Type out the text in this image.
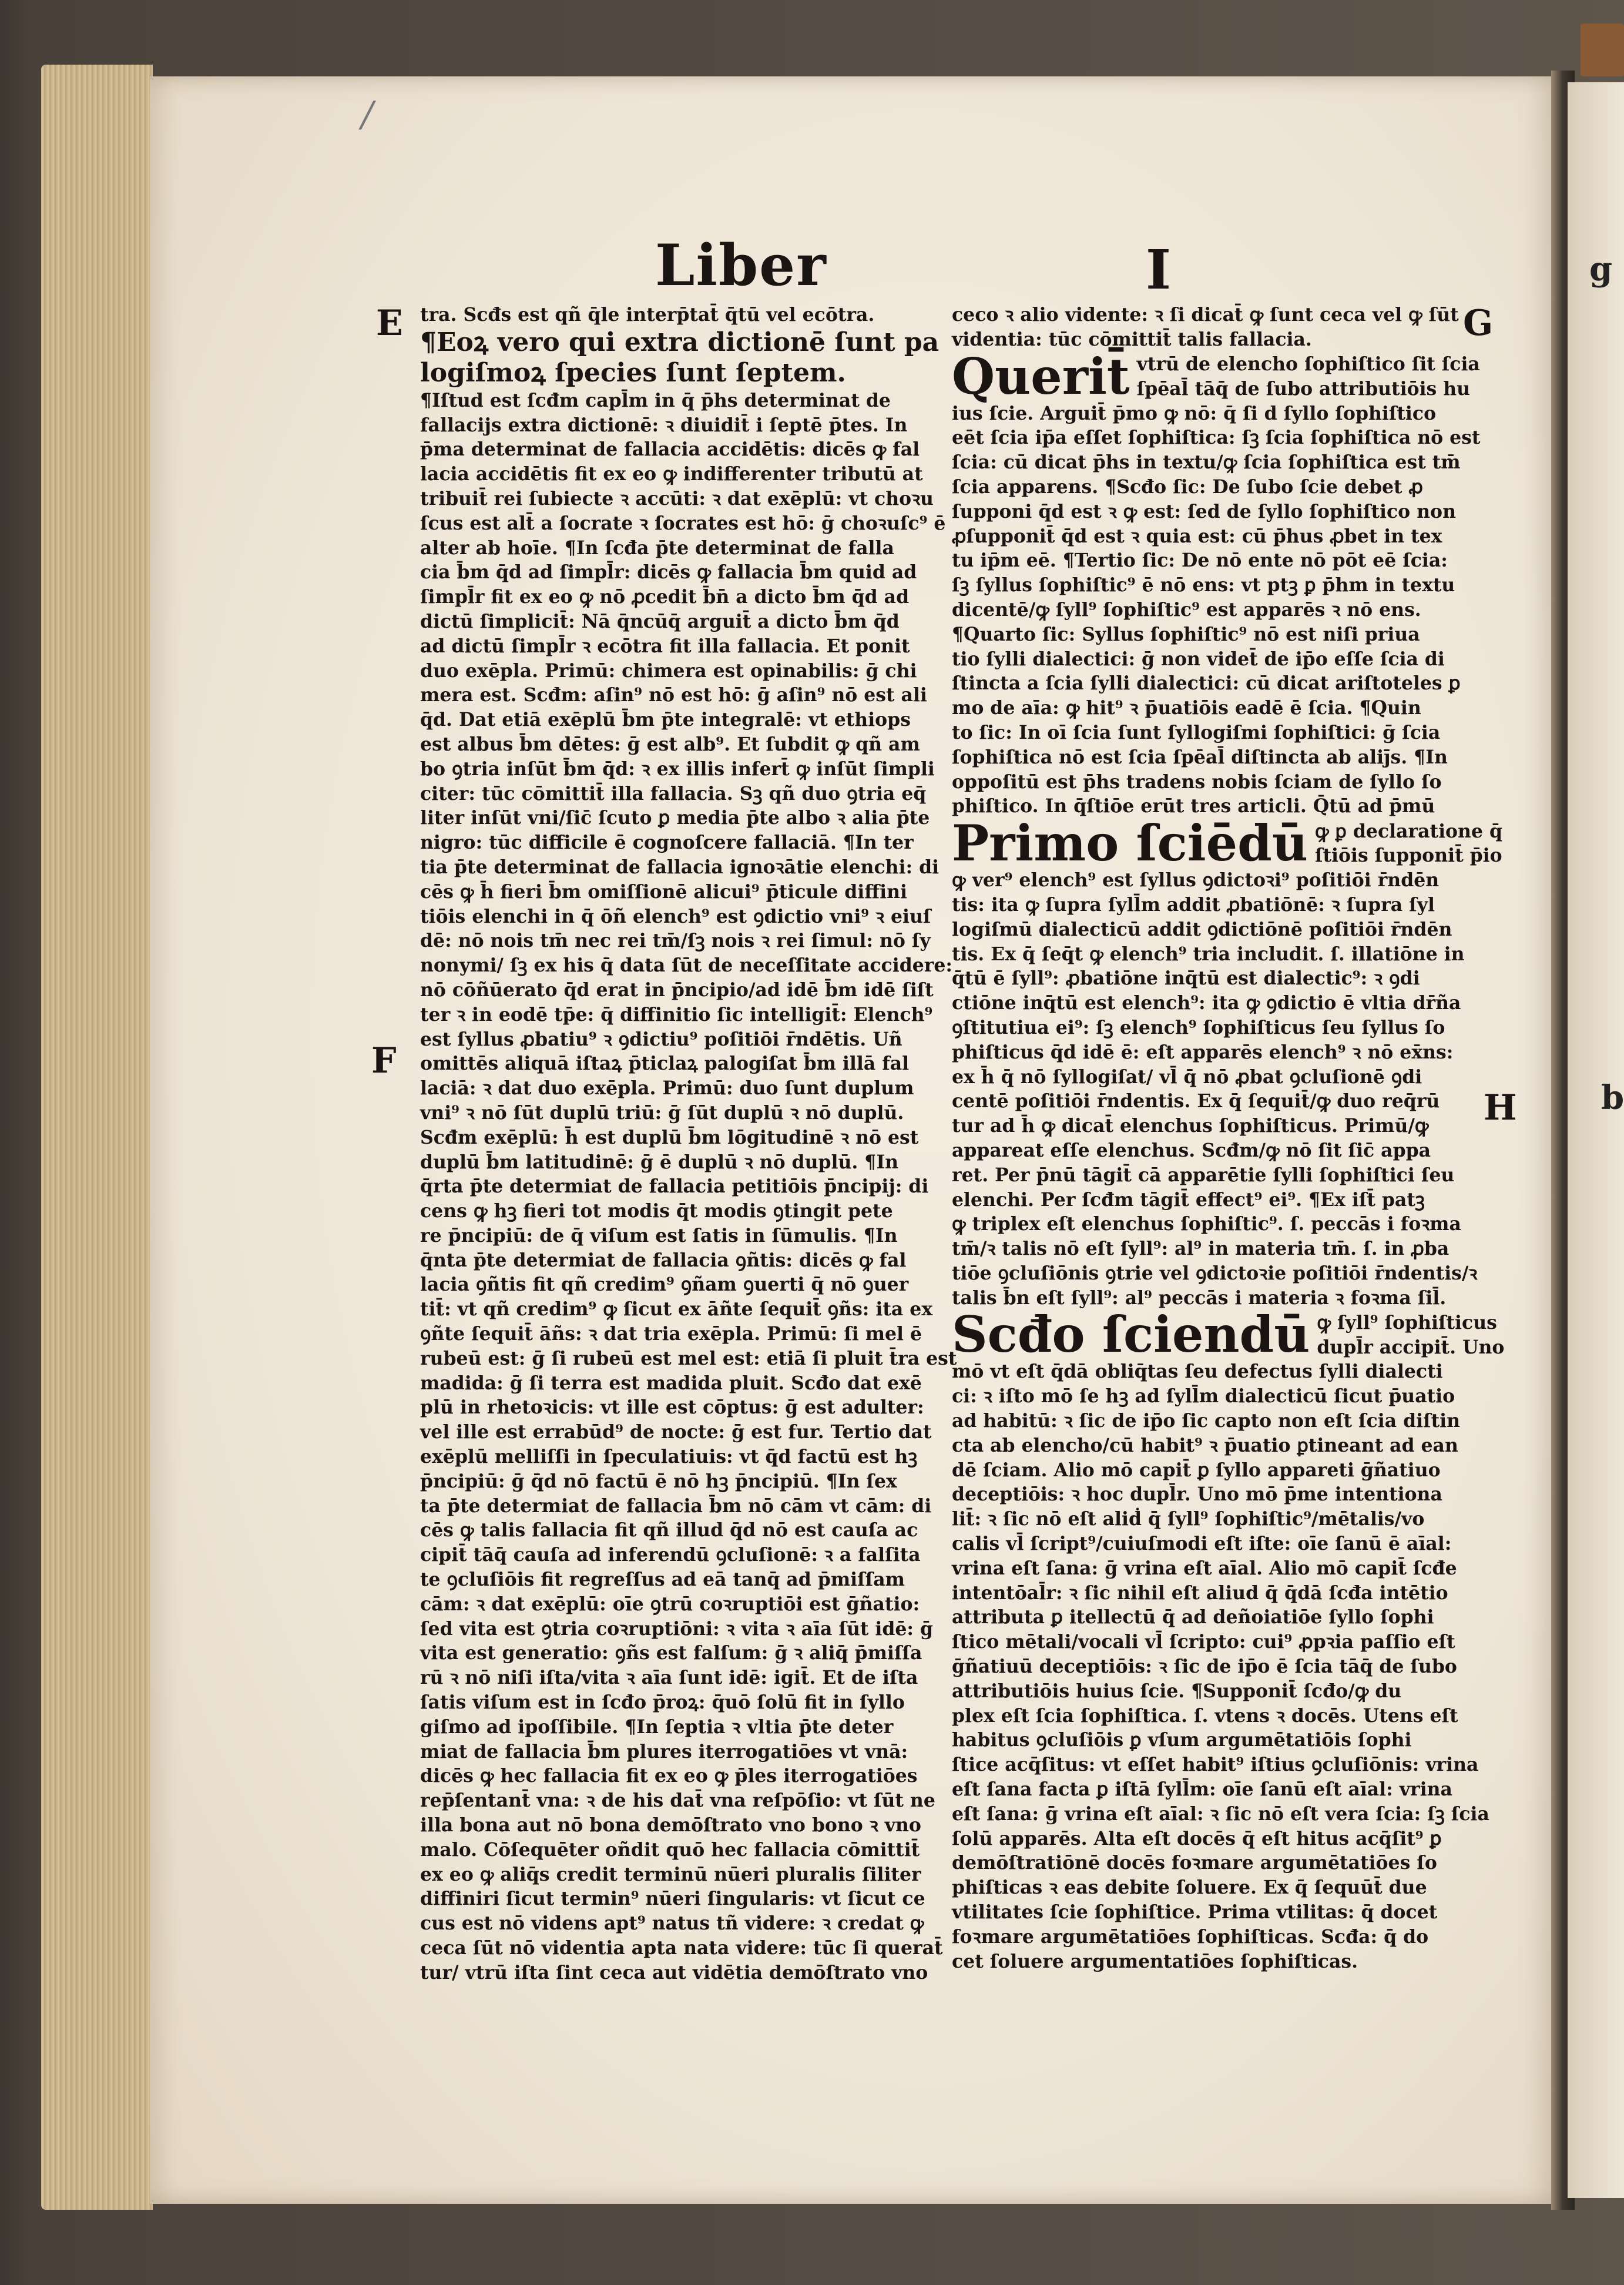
/
Liber	I
E
F
G
H
g
b
tra. Scđs est qñ q̄le interp̄tat̄ q̄tū vel ecōtra.
¶Eoꝝ vero qui extra dictionē ſunt pa
logiſmoꝝ ſpecies ſunt ſeptem.
¶Iſtud est ſcđm capl̄m in q̄ p̄hs determinat de
fallacijs extra dictionē: ꝛ diuidit̄ i ſeptē p̄tes. In
p̄ma determinat de fallacia accidētis: dicēs ꝙ fal
lacia accidētis fit ex eo ꝙ indifferenter tributū at
tribuit̄ rei ſubiecte ꝛ accūti: ꝛ dat exēplū: vt choꝛu
ſcus est alt̄ a ſocrate ꝛ ſocrates est hō: ḡ choꝛuſc⁹ ē
alter ab hoīe. ¶In ſcđa p̄te determinat de falla
cia b̄m q̄d ad ſimpl̄r: dicēs ꝙ fallacia b̄m quid ad
ſimpl̄r fit ex eo ꝙ nō ꝓcedit b̄n̄ a dicto b̄m q̄d ad
dictū ſimplicit̄: Nā q̄ncūq̄ arguit̄ a dicto b̄m q̄d
ad dictū ſimpl̄r ꝛ ecōtra fit illa fallacia. Et ponit
duo exēpla. Primū: chimera est opinabilis: ḡ chi
mera est. Scđm: aſin⁹ nō est hō: ḡ aſin⁹ nō est ali
q̄d. Dat etiā exēplū b̄m p̄te integralē: vt ethiops
est albus b̄m dētes: ḡ est alb⁹. Et ſubdit ꝙ qñ am
bo ꝯtria inſūt b̄m q̄d: ꝛ ex illis infert̄ ꝙ inſūt ſimpli
citer: tūc cōmittit̄ illa fallacia. Sꝫ qñ duo ꝯtria eq̄
liter inſūt vni/ſic̄ ſcuto ꝑ media p̄te albo ꝛ alia p̄te
nigro: tūc difficile ē cognoſcere fallaciā. ¶In ter
tia p̄te determinat de fallacia ignoꝛātie elenchi: di
cēs ꝙ h̄ fieri b̄m omiſſionē alicui⁹ p̄ticule diffini
tiōis elenchi in q̄ ōñ elench⁹ est ꝯdictio vni⁹ ꝛ eiuſ
dē: nō nois tm̄ nec rei tm̄/ſꝫ nois ꝛ rei ſimul: nō ſy
nonymi/ ſꝫ ex his q̄ data ſūt de neceſſitate accidere:
nō cōñūerato q̄d erat in p̄ncipio/ad idē b̄m idē ſiſt
ter ꝛ in eodē tp̄e: q̄ diffinitio ſic intelligit̄: Elench⁹
est ſyllus ꝓbatiu⁹ ꝛ ꝯdictiu⁹ poſitiōi r̄ndētis. Uñ
omittēs aliquā iſtaꝝ p̄ticlaꝝ palogiſat b̄m illā fal
laciā: ꝛ dat duo exēpla. Primū: duo ſunt duplum
vni⁹ ꝛ nō ſūt duplū triū: ḡ ſūt duplū ꝛ nō duplū.
Scđm exēplū: h̄ est duplū b̄m lōgitudinē ꝛ nō est
duplū b̄m latitudinē: ḡ ē duplū ꝛ nō duplū. ¶In
q̄rta p̄te determiat de fallacia petitiōis p̄ncipij: di
cens ꝙ hꝫ fieri tot modis q̄t modis ꝯtingit pete
re p̄ncipiū: de q̄ viſum est ſatis in ſūmulis. ¶In
q̄nta p̄te determiat de fallacia ꝯñtis: dicēs ꝙ fal
lacia ꝯñtis fit qñ credim⁹ ꝯñam ꝯuerti q̄ nō ꝯuer
tit̄: vt qñ credim⁹ ꝙ ſicut ex āñte ſequit̄ ꝯñs: ita ex
ꝯñte ſequit̄ āñs: ꝛ dat tria exēpla. Primū: ſi mel ē
rubeū est: ḡ ſi rubeū est mel est: etiā ſi pluit t̄ra est
madida: ḡ ſi terra est madida pluit. Scđo dat exē
plū in rhetoꝛicis: vt ille est cōptus: ḡ est adulter:
vel ille est errabūd⁹ de nocte: ḡ est fur. Tertio dat
exēplū melliſſi in ſpeculatiuis: vt q̄d factū est hꝫ
p̄ncipiū: ḡ q̄d nō factū ē nō hꝫ p̄ncipiū. ¶In ſex
ta p̄te determiat de fallacia b̄m nō cām vt cām: di
cēs ꝙ talis fallacia fit qñ illud q̄d nō est cauſa ac
cipit̄ tāq̄ cauſa ad inferendū ꝯcluſionē: ꝛ a falſita
te ꝯcluſiōis fit regreſſus ad eā tanq̄ ad p̄miſſam
cām: ꝛ dat exēplū: oīe ꝯtrū coꝛruptiōi est ḡñatio:
ſed vita est ꝯtria coꝛruptiōni: ꝛ vita ꝛ aīa ſūt idē: ḡ
vita est generatio: ꝯñs est falſum: ḡ ꝛ aliq̄ p̄miſſa
rū ꝛ nō niſi iſta/vita ꝛ aīa ſunt idē: igit̄. Et de iſta
ſatis viſum est in ſcđo p̄roꝝ: q̄uō ſolū fit in ſyllo
giſmo ad ipoſſibile. ¶In ſeptia ꝛ vltia p̄te deter
miat de fallacia b̄m plures iterrogatiōes vt vnā:
dicēs ꝙ hec fallacia fit ex eo ꝙ p̄les iterrogatiōes
rep̄ſentant̄ vna: ꝛ de his dat̄ vna reſpōſio: vt ſūt ne
illa bona aut nō bona demōſtrato vno bono ꝛ vno
malo. Cōſequēter oñdit quō hec fallacia cōmittit̄
ex eo ꝙ aliq̄s credit terminū nūeri pluralis ſiliter
diffiniri ſicut termin⁹ nūeri ſingularis: vt ſicut ce
cus est nō videns apt⁹ natus tñ videre: ꝛ credat ꝙ
ceca ſūt nō videntia apta nata videre: tūc ſi querat̄
tur/ vtrū iſta ſint ceca aut vidētia demōſtrato vno
ceco ꝛ alio vidente: ꝛ ſi dicat̄ ꝙ ſunt ceca vel ꝙ ſūt
videntia: tūc cōmittit̄ talis fallacia.
Querit̄ vtrū de elencho ſophiſtico ſit ſcia
ſpēal̄ tāq̄ de ſubo attributiōis hu
ius ſcie. Arguit̄ p̄mo ꝙ nō: q̄ ſi d ſyllo ſophiſtico
eēt ſcia ip̄a eſſet ſophiſtica: ſꝫ ſcia ſophiſtica nō est
ſcia: cū dicat p̄hs in textu/ꝙ ſcia ſophiſtica est tm̄
ſcia apparens. ¶Scđo ſic: De ſubo ſcie debet ꝓ
ſupponi q̄d est ꝛ ꝙ est: ſed de ſyllo ſophiſtico non
ꝓſupponit̄ q̄d est ꝛ quia est: cū p̄hus ꝓbet in tex
tu ip̄m eē. ¶Tertio ſic: De nō ente nō pōt eē ſcia:
ſꝫ ſyllus ſophiſtic⁹ ē nō ens: vt ptꝫ ꝑ p̄hm in textu
dicentē/ꝙ ſyll⁹ ſophiſtic⁹ est apparēs ꝛ nō ens.
¶Quarto ſic: Syllus ſophiſtic⁹ nō est niſi priua
tio ſylli dialectici: ḡ non videt̄ de ip̄o eſſe ſcia di
ſtincta a ſcia ſylli dialectici: cū dicat ariſtoteles ꝑ
mo de aīa: ꝙ hit⁹ ꝛ p̄uatiōis eadē ē ſcia. ¶Quin
to ſic: In oī ſcia ſunt ſyllogiſmi ſophiſtici: ḡ ſcia
ſophiſtica nō est ſcia ſpēal̄ diſtincta ab aliȷ̄s. ¶In
oppoſitū est p̄hs tradens nobis ſciam de ſyllo ſo
phiſtico. In q̄ſtiōe erūt tres articli. Q̄tū ad p̄mū
Primo ſciēdū ꝙ ꝑ declaratione q̄
ſtiōis ſupponit̄ p̄io
ꝙ ver⁹ elench⁹ est ſyllus ꝯdictoꝛi⁹ poſitiōi r̄ndēn
tis: ita ꝙ ſupra ſyll̄m addit ꝓbatiōnē: ꝛ ſupra ſyl
logiſmū dialecticū addit ꝯdictiōnē poſitiōi r̄ndēn
tis. Ex q̄ ſeq̄t ꝙ elench⁹ tria includit. ſ. illatiōne in
q̄tū ē ſyll⁹: ꝓbatiōne inq̄tū est dialectic⁹: ꝛ ꝯdi
ctiōne inq̄tū est elench⁹: ita ꝙ ꝯdictio ē vltia dr̄ña
ꝯſtitutiua ei⁹: ſꝫ elench⁹ ſophiſticus ſeu ſyllus ſo
phiſticus q̄d idē ē: eſt apparēs elench⁹ ꝛ nō ex̄ns:
ex h̄ q̄ nō ſyllogiſat/ vl̄ q̄ nō ꝓbat ꝯcluſionē ꝯdi
centē poſitiōi r̄ndentis. Ex q̄ ſequit̄/ꝙ duo req̄rū
tur ad h̄ ꝙ dicat̄ elenchus ſophiſticus. Primū/ꝙ
appareat eſſe elenchus. Scđm/ꝙ nō ſit ſic̄ appa
ret. Per p̄nū tāgit̄ cā apparētie ſylli ſophiſtici ſeu
elenchi. Per ſcđm tāgit̄ effect⁹ ei⁹. ¶Ex iſt̄ patꝫ
ꝙ triplex eſt elenchus ſophiſtic⁹. ſ. peccās i foꝛma
tm̄/ꝛ talis nō eſt ſyll⁹: al⁹ in materia tm̄. ſ. in ꝓba
tiōe ꝯcluſiōnis ꝯtrie vel ꝯdictoꝛie poſitiōi r̄ndentis/ꝛ
talis b̄n eſt ſyll⁹: al⁹ peccās i materia ꝛ foꝛma ſil̄.
Scđo ſciendū ꝙ ſyll⁹ ſophiſticus
dupl̄r accipit̄. Uno
mō vt eſt q̄dā obliq̄tas ſeu defectus ſylli dialecti
ci: ꝛ iſto mō ſe hꝫ ad ſyll̄m dialecticū ſicut p̄uatio
ad habitū: ꝛ ſic de ip̄o ſic capto non eſt ſcia diſtin
cta ab elencho/cū habit⁹ ꝛ p̄uatio ꝑtineant ad ean
dē ſciam. Alio mō capit̄ ꝑ ſyllo appareti ḡñatiuo
deceptiōis: ꝛ hoc dupl̄r. Uno mō p̄me intentiona
lit̄: ꝛ ſic nō eſt aliḋ q̄ ſyll⁹ ſophiſtic⁹/mētalis/vo
calis vl̄ ſcript⁹/cuiuſmodi eſt iſte: oīe ſanū ē aīal:
vrina eſt ſana: ḡ vrina eſt aīal. Alio mō capit̄ ſcđe
intentōal̄r: ꝛ ſic nihil eſt aliud q̄ q̄dā ſcđa intētio
attributa ꝑ itellectū q̄ ad deñoiatiōe ſyllo ſophi
ſtico mētali/vocali vl̄ ſcripto: cui⁹ ꝓpꝛia paſſio eſt
ḡñatiuū deceptiōis: ꝛ ſic de ip̄o ē ſcia tāq̄ de ſubo
attributiōis huius ſcie. ¶Supponit̄ ſcđo/ꝙ du
plex eſt ſcia ſophiſtica. ſ. vtens ꝛ docēs. Utens eſt
habitus ꝯcluſiōis ꝑ vſum argumētatiōis ſophi
ſtice acq̄ſitus: vt eſſet habit⁹ iſtius ꝯcluſiōnis: vrina
eſt ſana facta ꝑ iſtā ſyll̄m: oīe ſanū eſt aīal: vrina
eſt ſana: ḡ vrina eſt aīal: ꝛ ſic nō eſt vera ſcia: ſꝫ ſcia
ſolū apparēs. Alta eſt docēs q̄ eſt hitus acq̄ſit⁹ ꝑ
demōſtratiōnē docēs foꝛmare argumētatiōes ſo
phiſticas ꝛ eas debite ſoluere. Ex q̄ ſequūt̄ due
vtilitates ſcie ſophiſtice. Prima vtilitas: q̄ docet
foꝛmare argumētatiōes ſophiſticas. Scđa: q̄ do
cet ſoluere argumentatiōes ſophiſticas.
